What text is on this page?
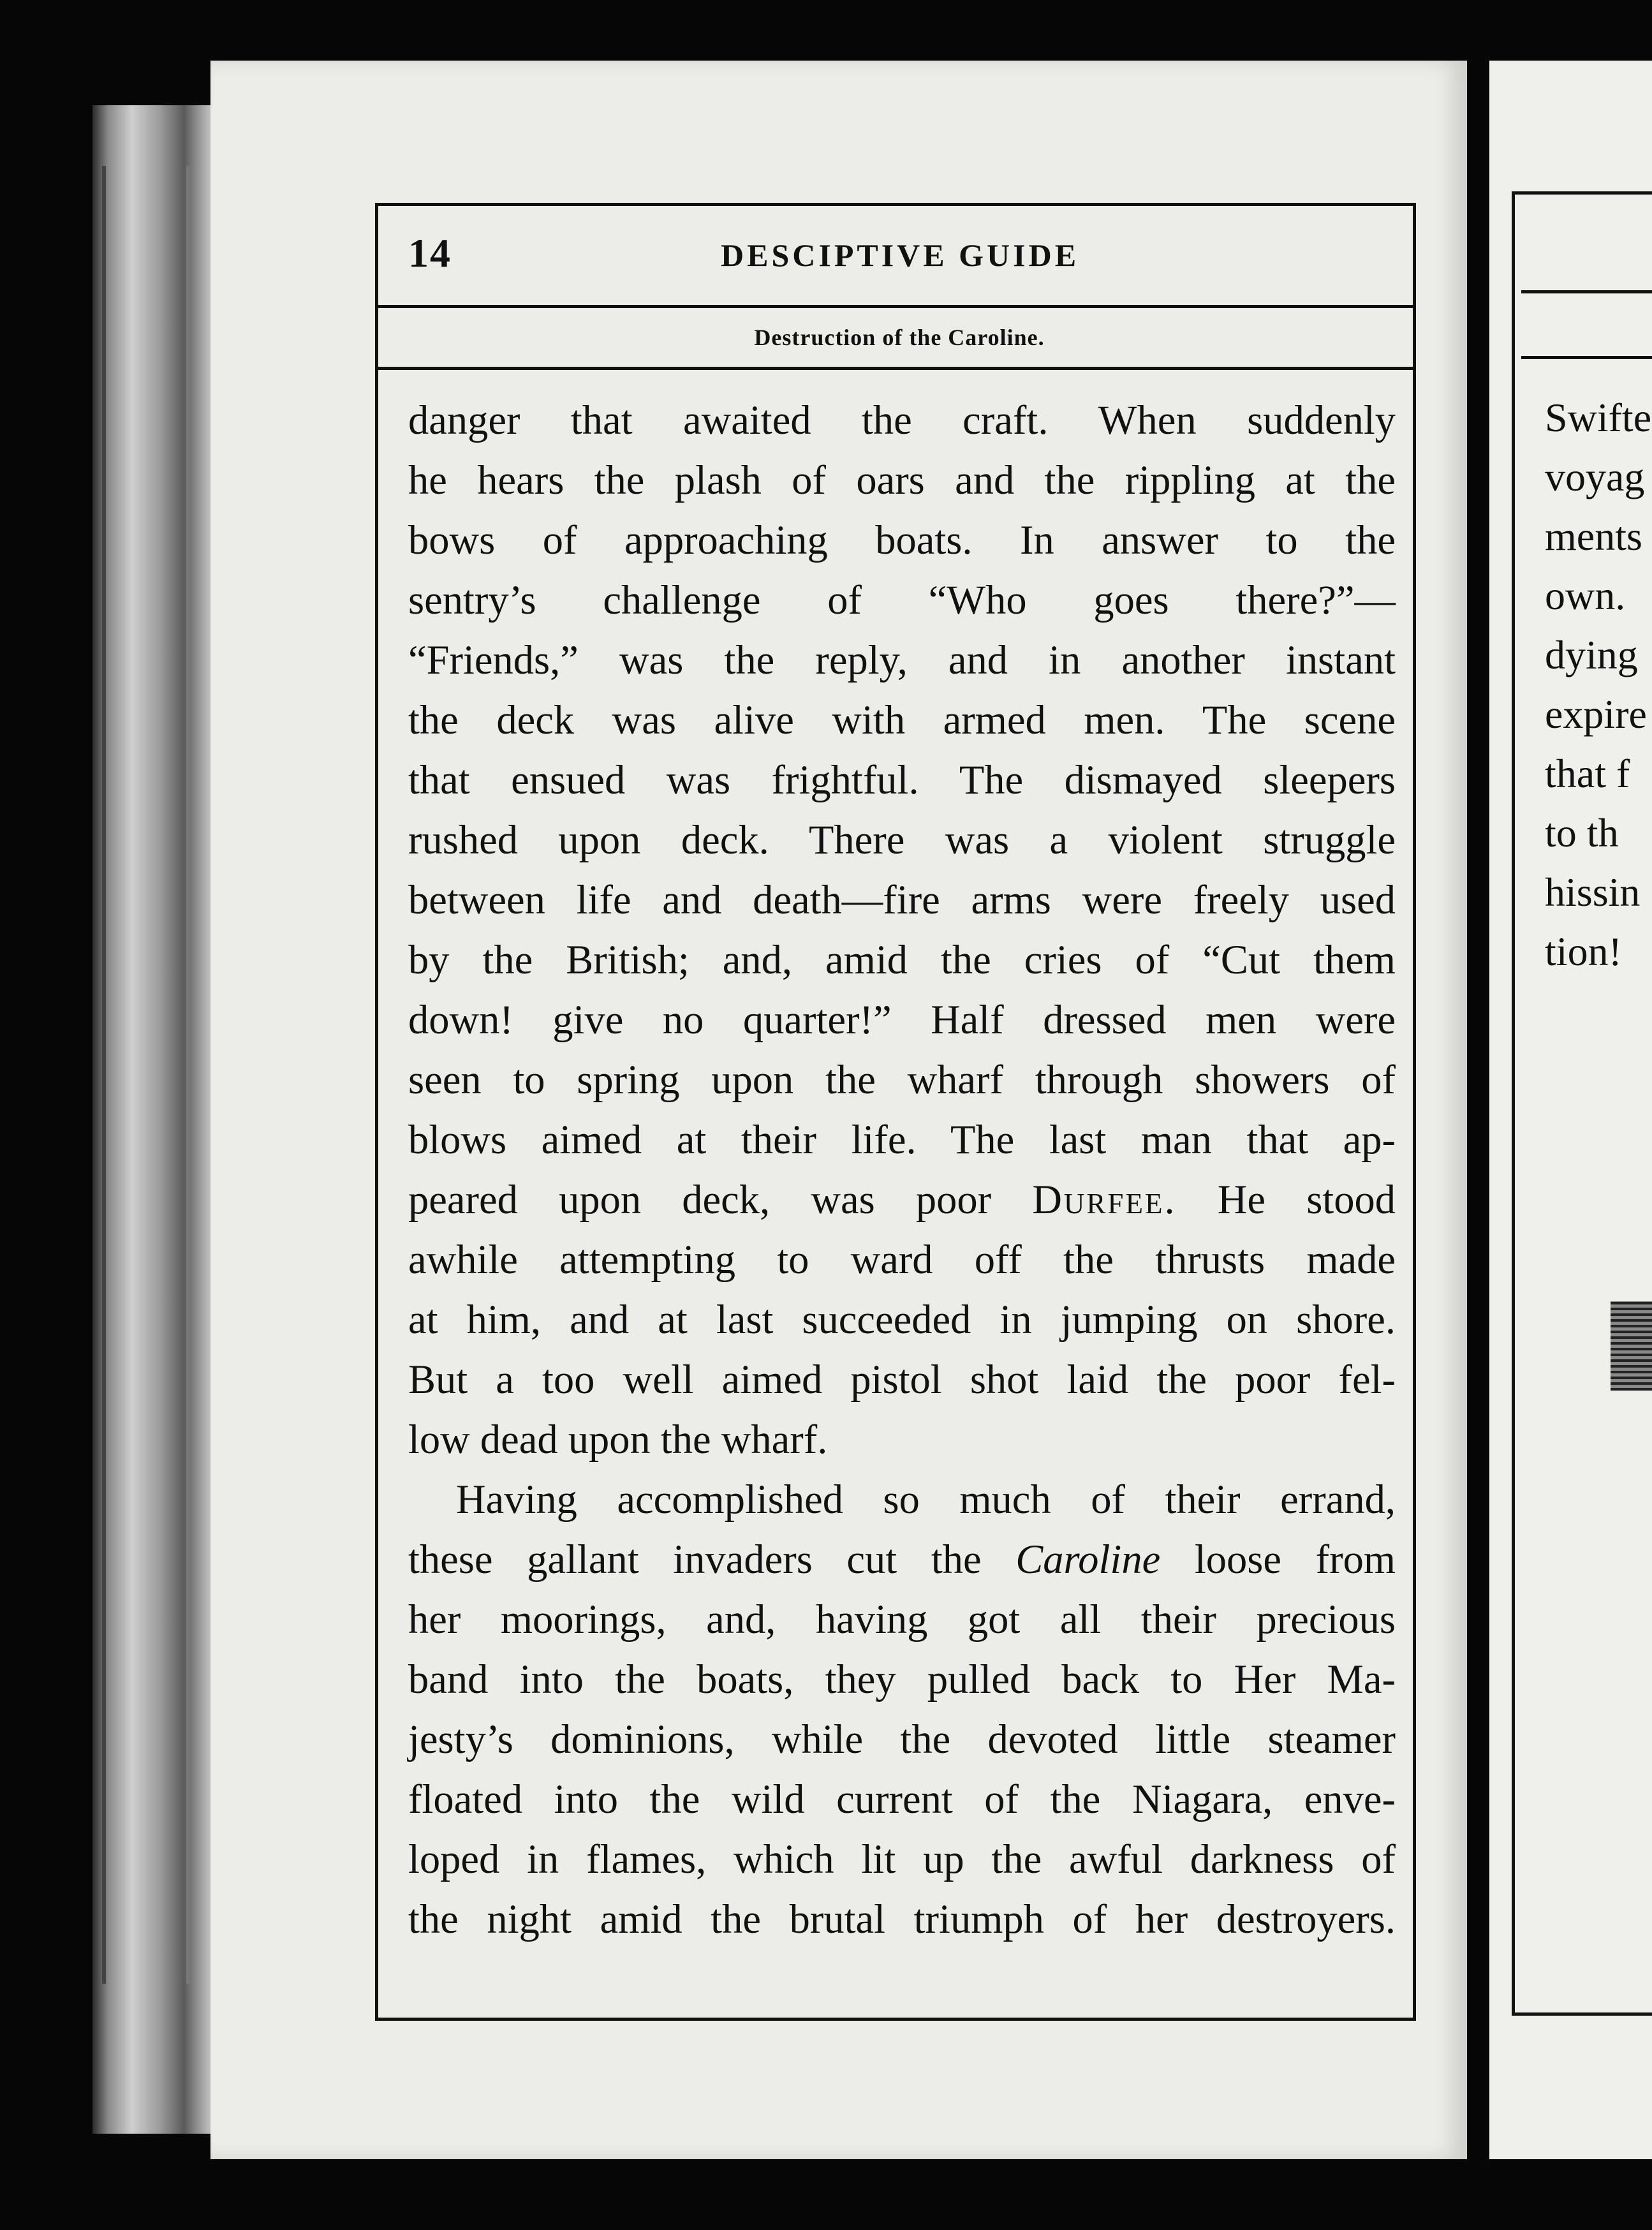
14	DESCIPTIVE GUIDE
Destruction of the Caroline.
danger that awaited the craft. When suddenly
he hears the plash of oars and the rippling at the
bows of approaching boats. In answer to the
sentry’s challenge of “Who goes there?”—
“Friends,” was the reply, and in another instant
the deck was alive with armed men. The scene
that ensued was frightful. The dismayed sleepers
rushed upon deck. There was a violent struggle
between life and death—fire arms were freely used
by the British; and, amid the cries of “Cut them
down! give no quarter!” Half dressed men were
seen to spring upon the wharf through showers of
blows aimed at their life. The last man that ap-
peared upon deck, was poor Durfee. He stood
awhile attempting to ward off the thrusts made
at him, and at last succeeded in jumping on shore.
But a too well aimed pistol shot laid the poor fel-
low dead upon the wharf.
Having accomplished so much of their errand,
these gallant invaders cut the Caroline loose from
her moorings, and, having got all their precious
band into the boats, they pulled back to Her Ma-
jesty’s dominions, while the devoted little steamer
floated into the wild current of the Niagara, enve-
loped in flames, which lit up the awful darkness of
the night amid the brutal triumph of her destroyers.
Swifte
voyag
ments
own.
dying
expire
that f
to th
hissin
tion!
